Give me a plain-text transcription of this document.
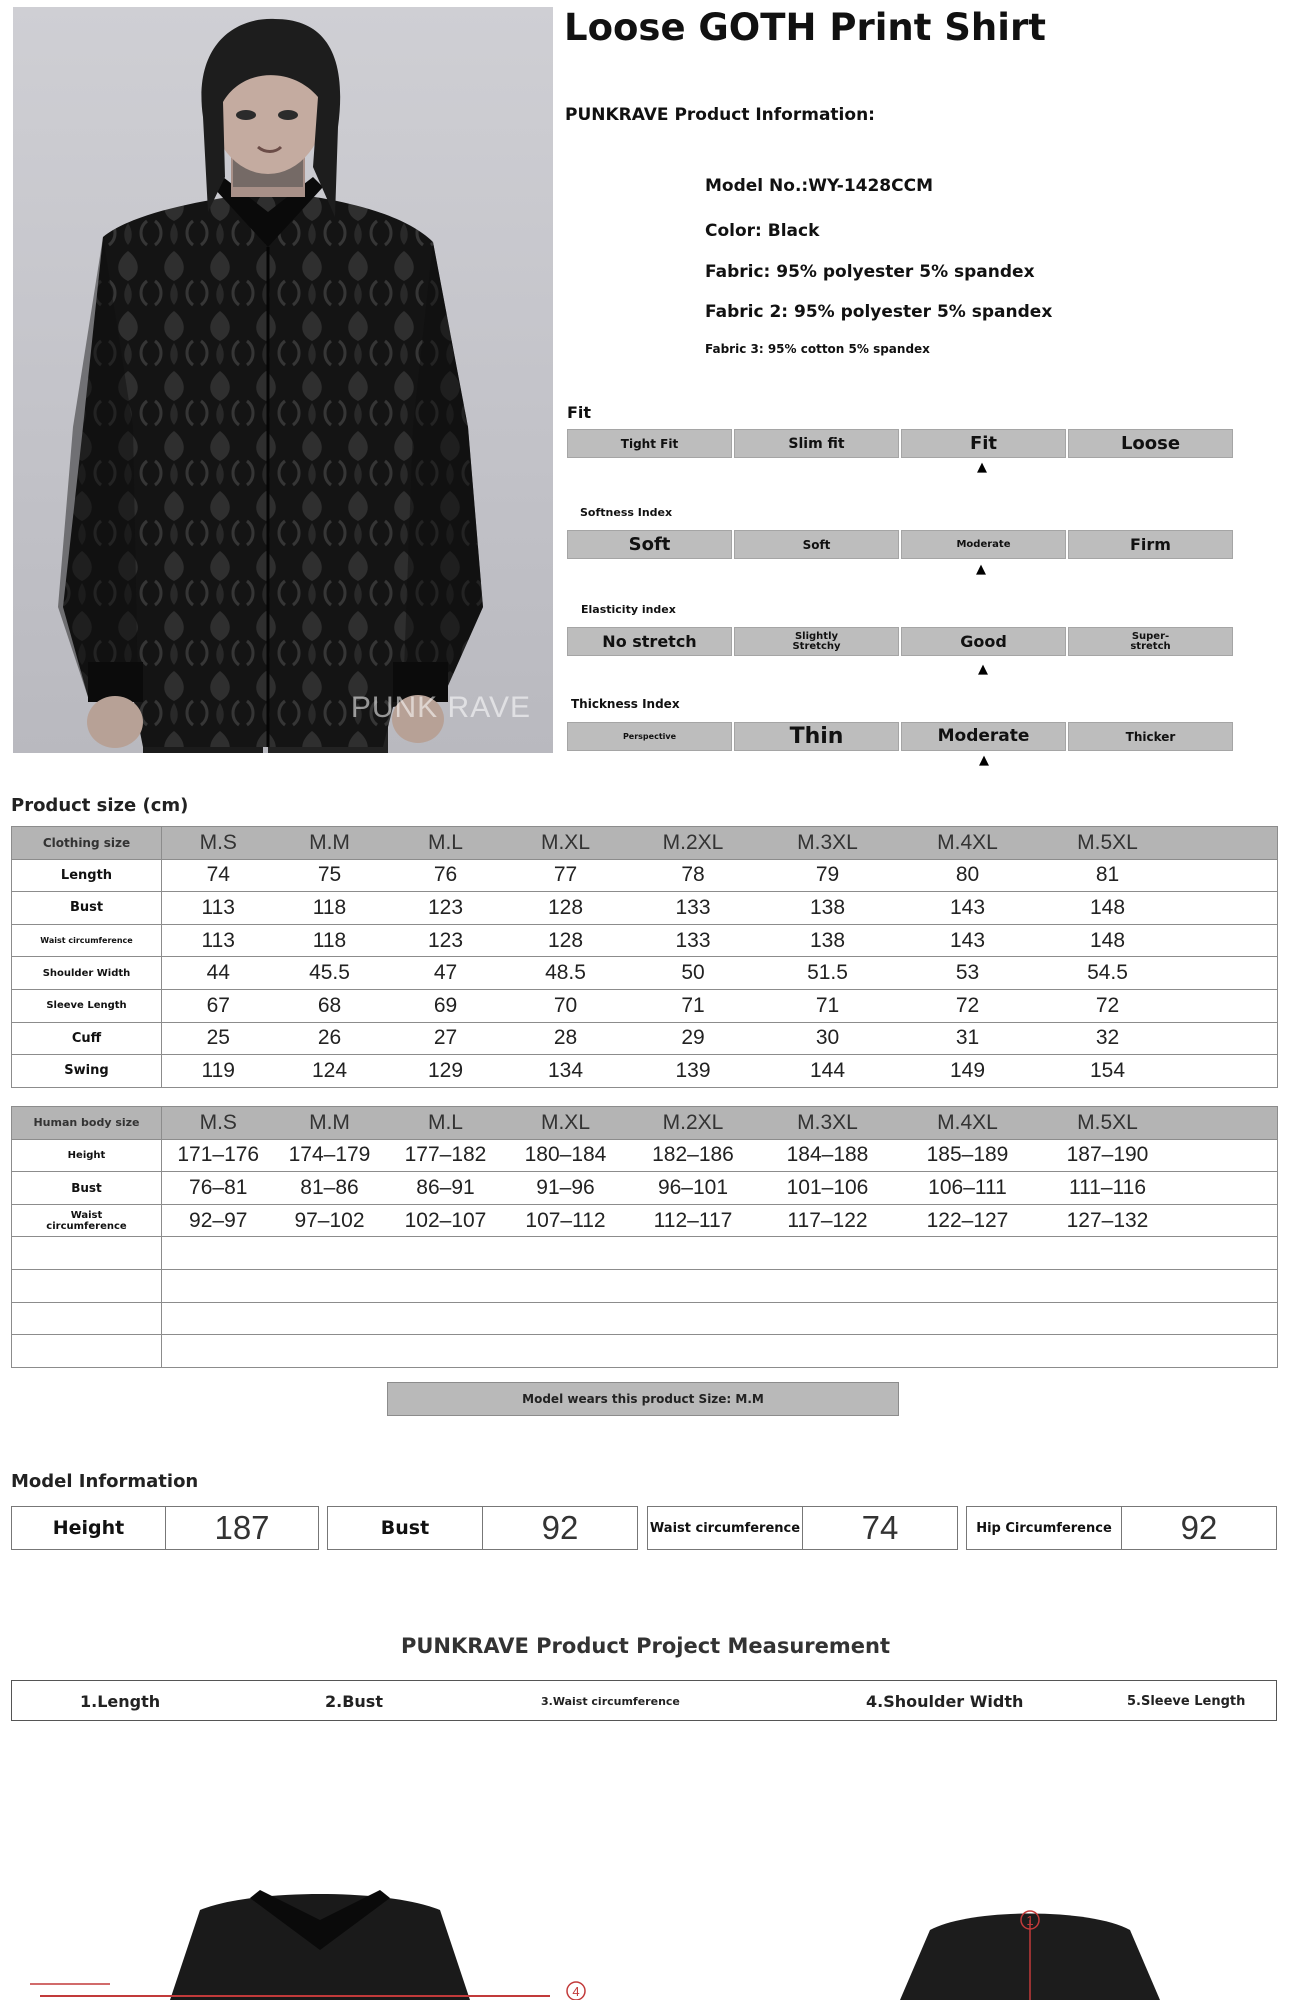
PUNK RAVE
Loose GOTH Print Shirt
PUNKRAVE Product Information:
Model No.:WY-1428CCM
Color: Black
Fabric: 95% polyester 5% spandex
Fabric 2: 95% polyester 5% spandex
Fabric 3: 95% cotton 5% spandex
Fit
Tight Fit	Slim fit	Fit	Loose
▲
Softness Index
Soft	Soft	Moderate	Firm
▲
Elasticity index
No stretch	Slightly Stretchy	Good	Super-stretch
▲
Thickness Index
Perspective	Thin	Moderate	Thicker
▲
Product size (cm)
Clothing size	M.S	M.M	M.L	M.XL	M.2XL	M.3XL	M.4XL	M.5XL	
Length	74	75	76	77	78	79	80	81	
Bust	113	118	123	128	133	138	143	148	
Waist circumference	113	118	123	128	133	138	143	148	
Shoulder Width	44	45.5	47	48.5	50	51.5	53	54.5	
Sleeve Length	67	68	69	70	71	71	72	72	
Cuff	25	26	27	28	29	30	31	32	
Swing	119	124	129	134	139	144	149	154	
Human body size	M.S	M.M	M.L	M.XL	M.2XL	M.3XL	M.4XL	M.5XL	
Height	171–176	174–179	177–182	180–184	182–186	184–188	185–189	187–190	
Bust	76–81	81–86	86–91	91–96	96–101	101–106	106–111	111–116	
Waist circumference	92–97	97–102	102–107	107–112	112–117	117–122	122–127	127–132	

Model wears this product Size: M.M
Model Information
Height	187	Bust	92	Waist circumference	74	Hip Circumference	92
PUNKRAVE Product Project Measurement
1.Length	2.Bust	3.Waist circumference	4.Shoulder Width	5.Sleeve Length
4
1
